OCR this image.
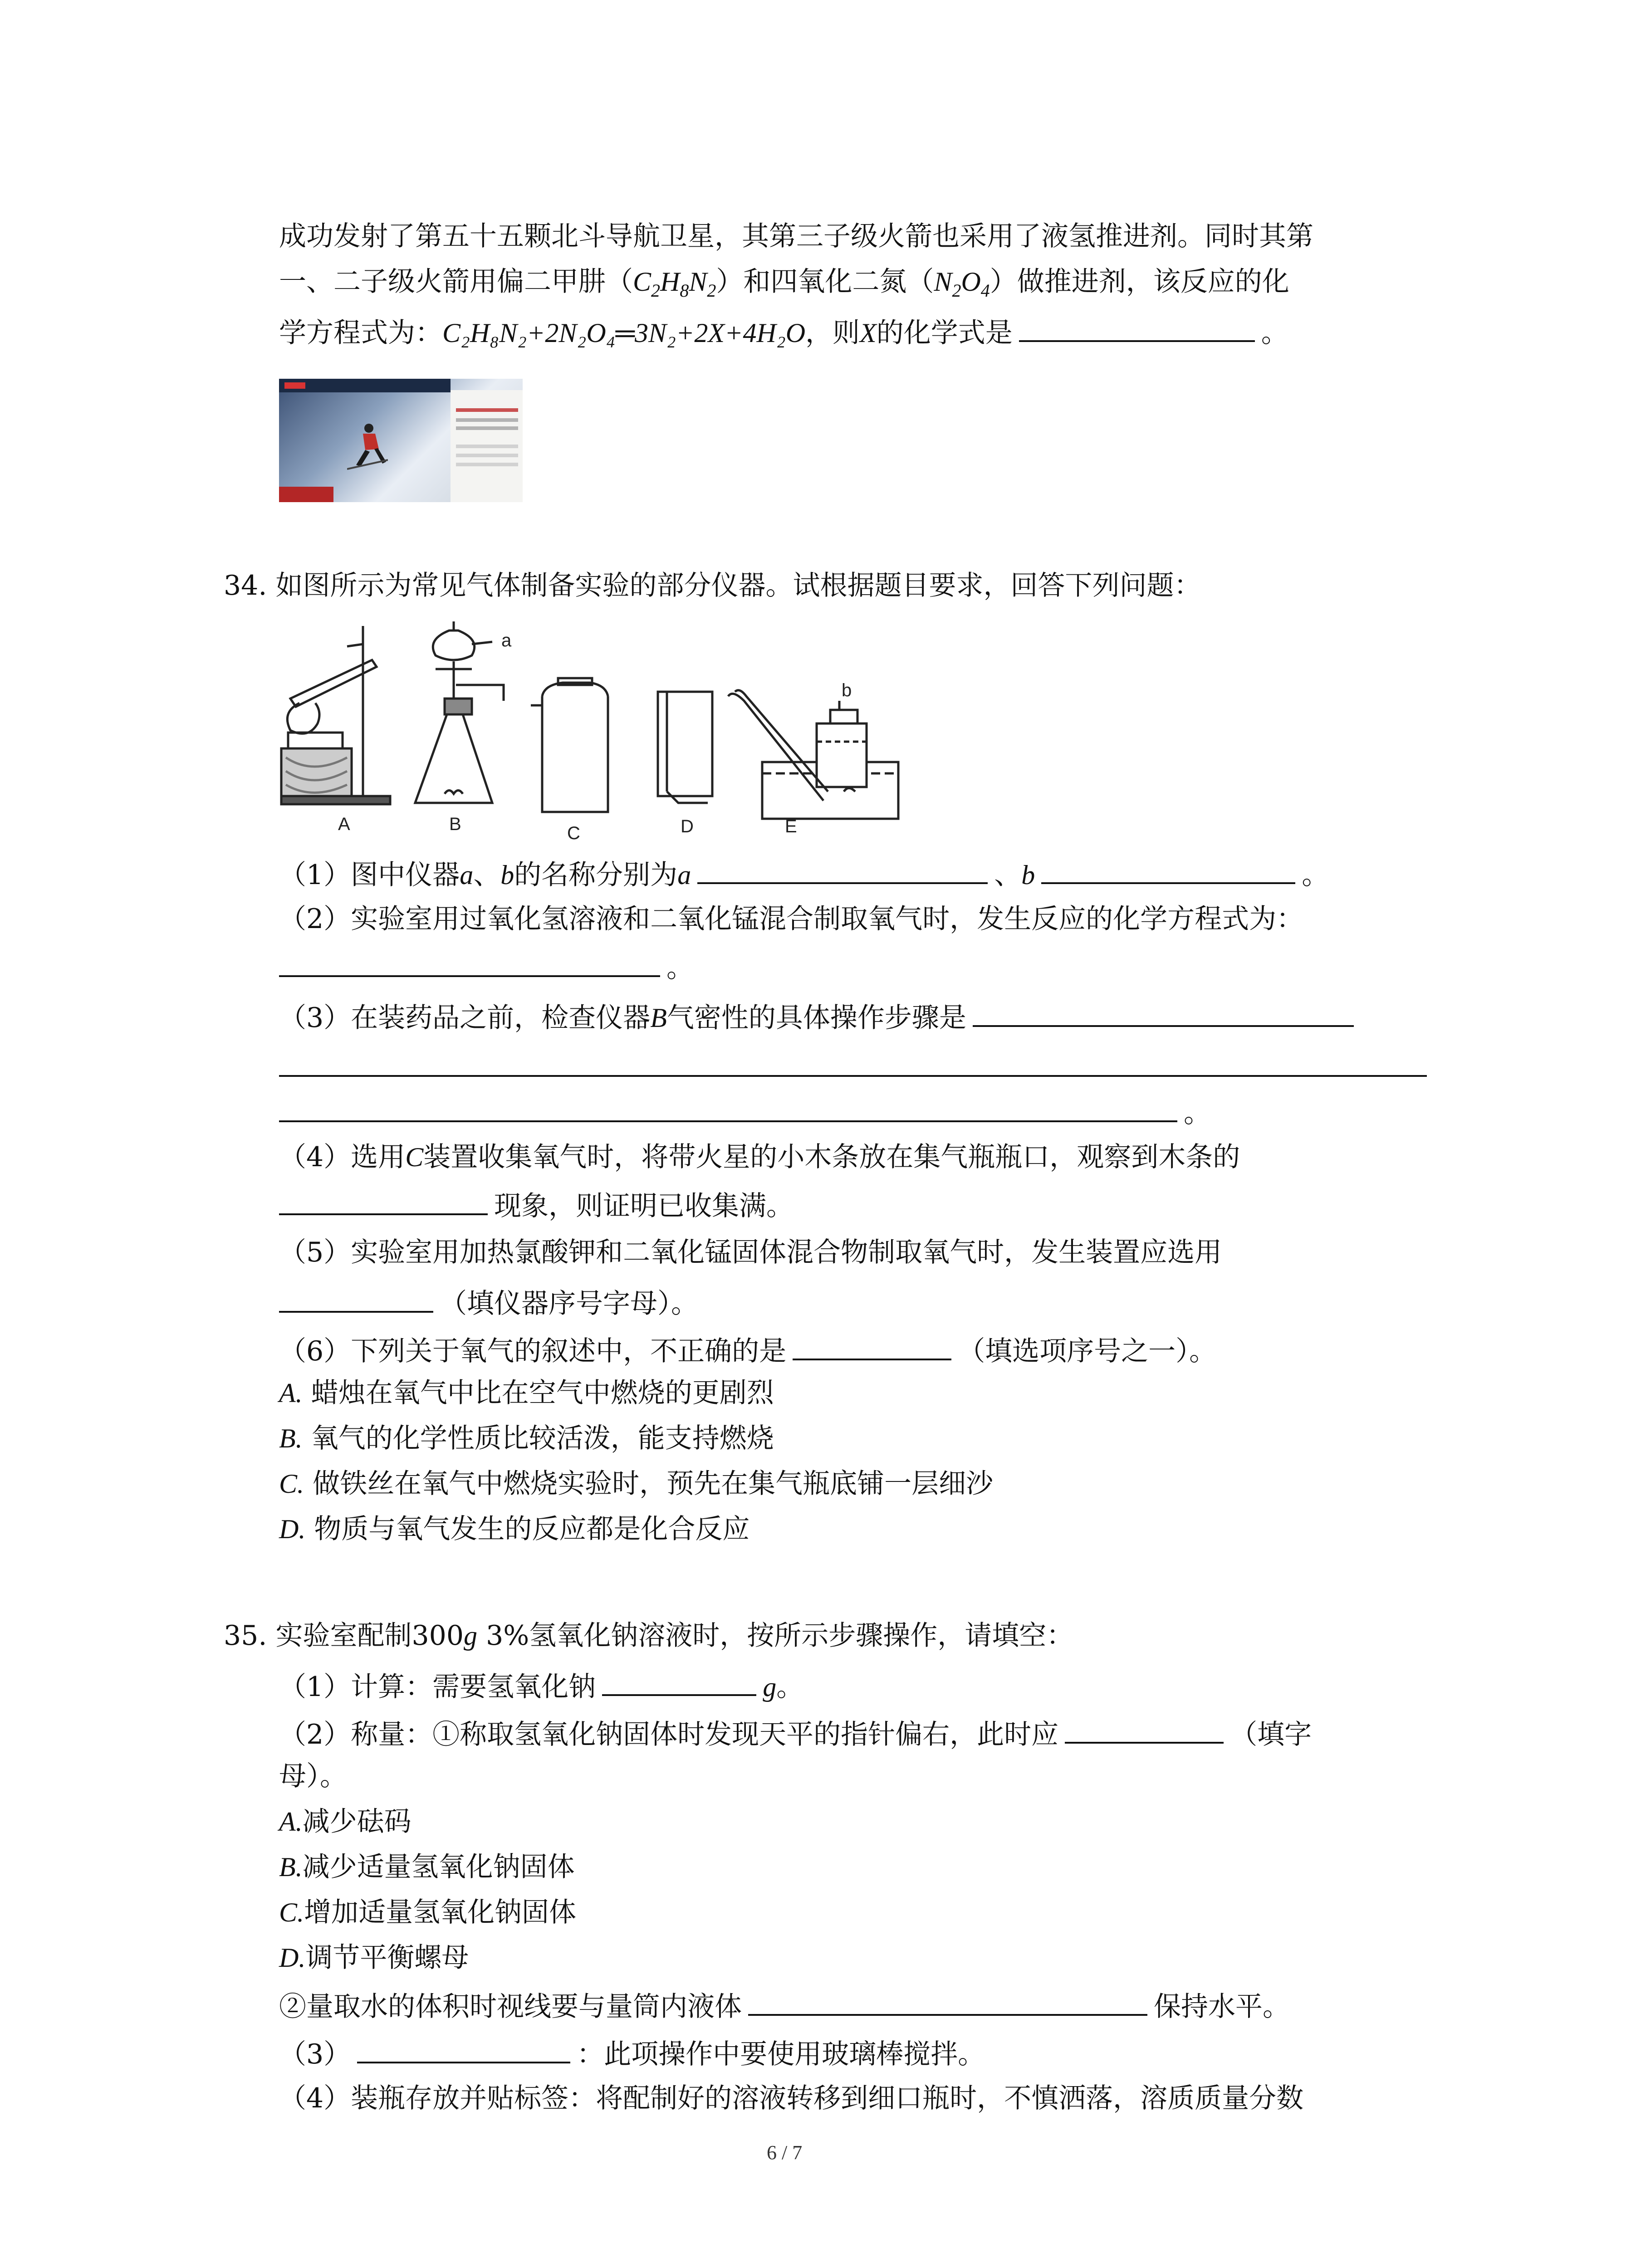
成功发射了第五十五颗北斗导航卫星，其第三子级火箭也采用了液氢推进剂。同时其第
一、二子级火箭用偏二甲肼$(C_2H_8N_2)$和四氧化二氮$(N_2O_4)$做推进剂，该反应的化
学方程式为：C₂H₈N₂+2N₂O₄═3N₂+2X+4H₂O，则X的化学式是	。
34. 如图所示为常见气体制备实验的部分仪器。试根据题目要求，回答下列问题：
A
a
B	C	D
b
E
（1）图中仪器a、b的名称分别为a	、b	。
（2）实验室用过氧化氢溶液和二氧化锰混合制取氧气时，发生反应的化学方程式为：
。
（3）在装药品之前，检查仪器B气密性的具体操作步骤是
。
（4）选用C装置收集氧气时，将带火星的小木条放在集气瓶瓶口，观察到木条的
现象，则证明已收集满。
（5）实验室用加热氯酸钾和二氧化锰固体混合物制取氧气时，发生装置应选用
（填仪器序号字母）。
（6）下列关于氧气的叙述中，不正确的是	（填选项序号之一）。
A. 蜡烛在氧气中比在空气中燃烧的更剧烈
B. 氧气的化学性质比较活泼，能支持燃烧
C. 做铁丝在氧气中燃烧实验时，预先在集气瓶底铺一层细沙
D. 物质与氧气发生的反应都是化合反应
35. 实验室配制300g 3%氢氧化钠溶液时，按所示步骤操作，请填空：
（1）计算：需要氢氧化钠	g。
（2）称量：①称取氢氧化钠固体时发现天平的指针偏右，此时应	（填字
母）。
A.减少砝码
B.减少适量氢氧化钠固体
C.增加适量氢氧化钠固体
D.调节平衡螺母
②量取水的体积时视线要与量筒内液体	保持水平。
（3）	：此项操作中要使用玻璃棒搅拌。
（4）装瓶存放并贴标签：将配制好的溶液转移到细口瓶时，不慎洒落，溶质质量分数
6 / 7
